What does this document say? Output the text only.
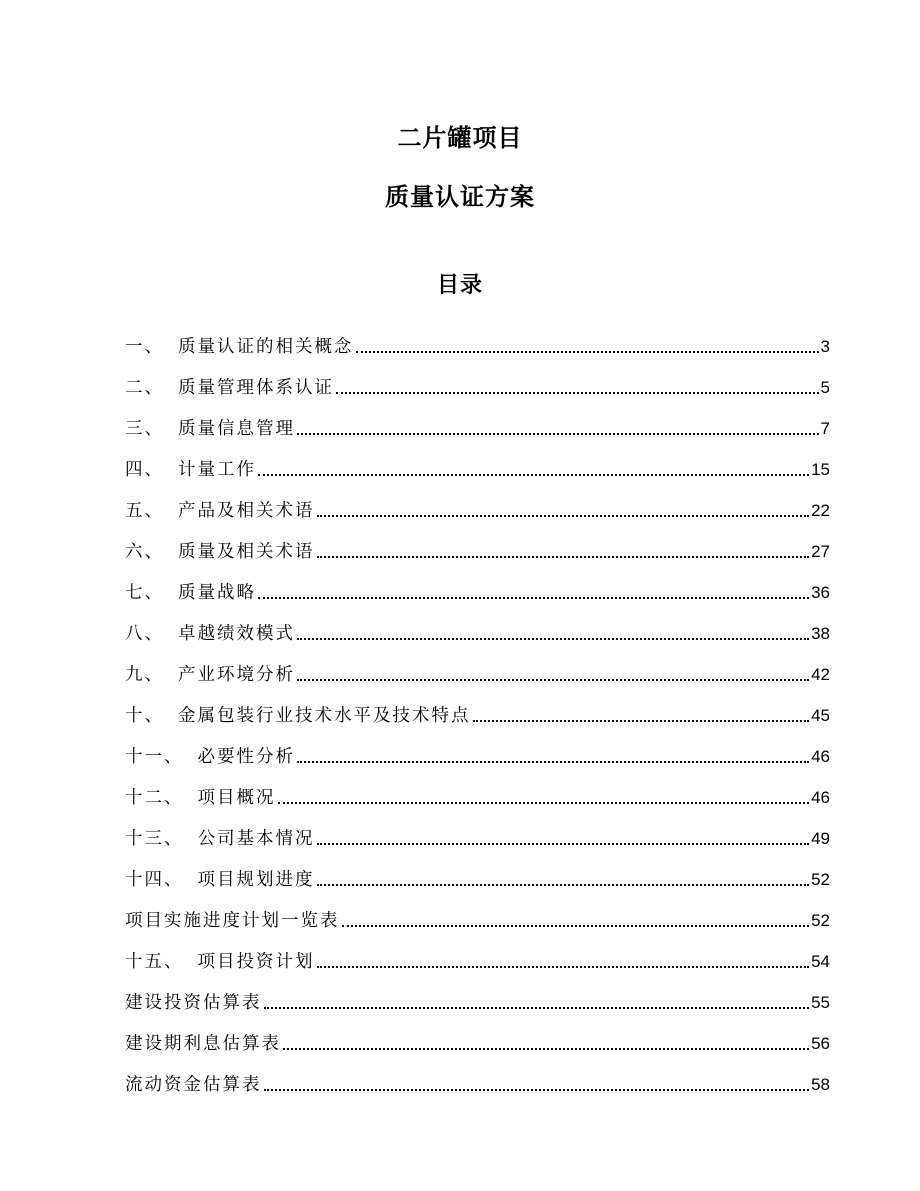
二片罐项目
质量认证方案
目录
一、 质量认证的相关概念	3
二、 质量管理体系认证	5
三、 质量信息管理	7
四、 计量工作	15
五、 产品及相关术语	22
六、 质量及相关术语	27
七、 质量战略	36
八、 卓越绩效模式	38
九、 产业环境分析	42
十、 金属包装行业技术水平及技术特点	45
十一、 必要性分析	46
十二、 项目概况	46
十三、 公司基本情况	49
十四、 项目规划进度	52
项目实施进度计划一览表	52
十五、 项目投资计划	54
建设投资估算表	55
建设期利息估算表	56
流动资金估算表	58
